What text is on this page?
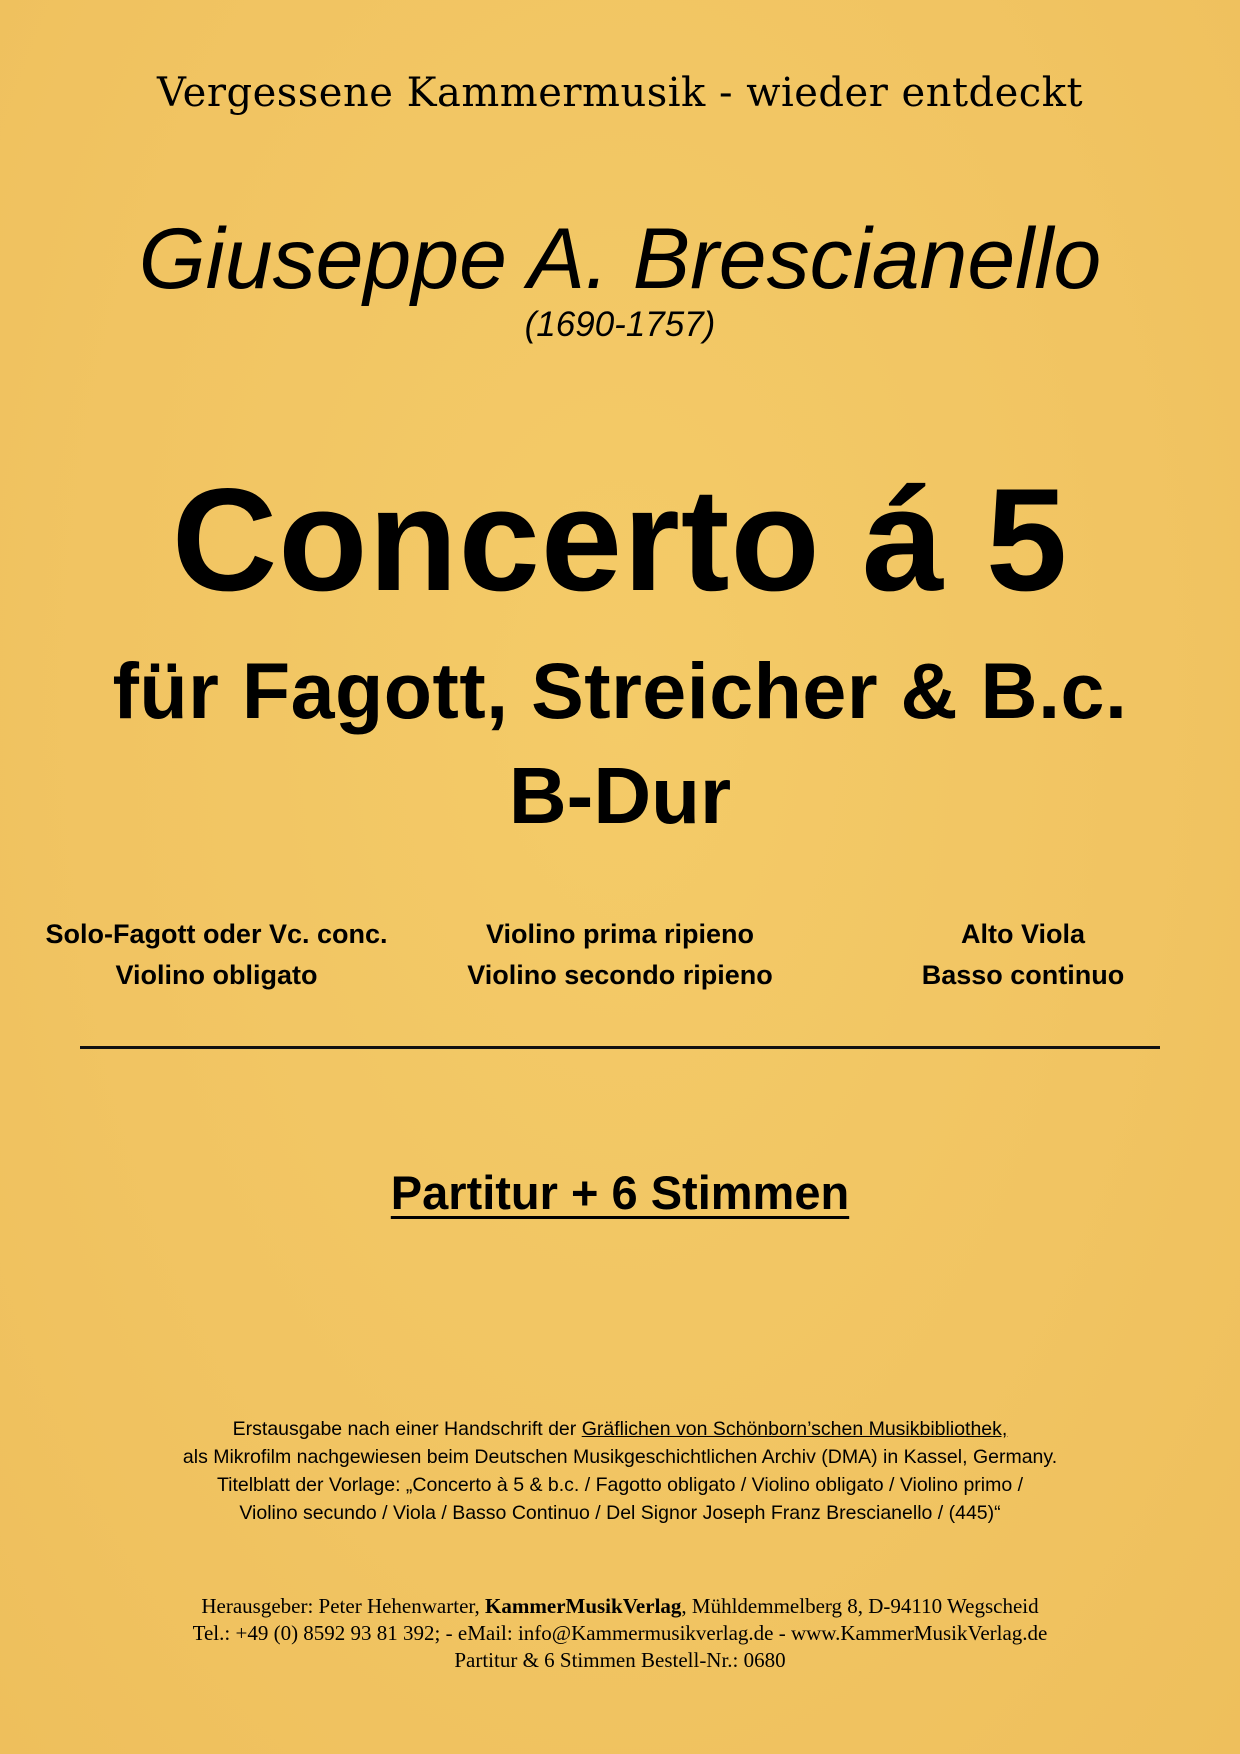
Vergessene Kammermusik - wieder entdeckt
Giuseppe A. Brescianello
(1690-1757)
Concerto á 5
für Fagott, Streicher & B.c.
B-Dur
Solo-Fagott oder Vc. conc.
Violino obligato
Violino prima ripieno
Violino secondo ripieno
Alto Viola
Basso continuo
Partitur + 6 Stimmen
Erstausgabe nach einer Handschrift der Gräflichen von Schönborn’schen Musikbibliothek,
als Mikrofilm nachgewiesen beim Deutschen Musikgeschichtlichen Archiv (DMA) in Kassel, Germany.
Titelblatt der Vorlage: „Concerto à 5 & b.c. / Fagotto obligato / Violino obligato / Violino primo /
Violino secundo / Viola / Basso Continuo / Del Signor Joseph Franz Brescianello / (445)“
Herausgeber: Peter Hehenwarter, KammerMusikVerlag, Mühldemmelberg 8, D-94110 Wegscheid
Tel.: +49 (0) 8592 93 81 392; - eMail: info@Kammermusikverlag.de - www.KammerMusikVerlag.de
Partitur & 6 Stimmen Bestell-Nr.: 0680
